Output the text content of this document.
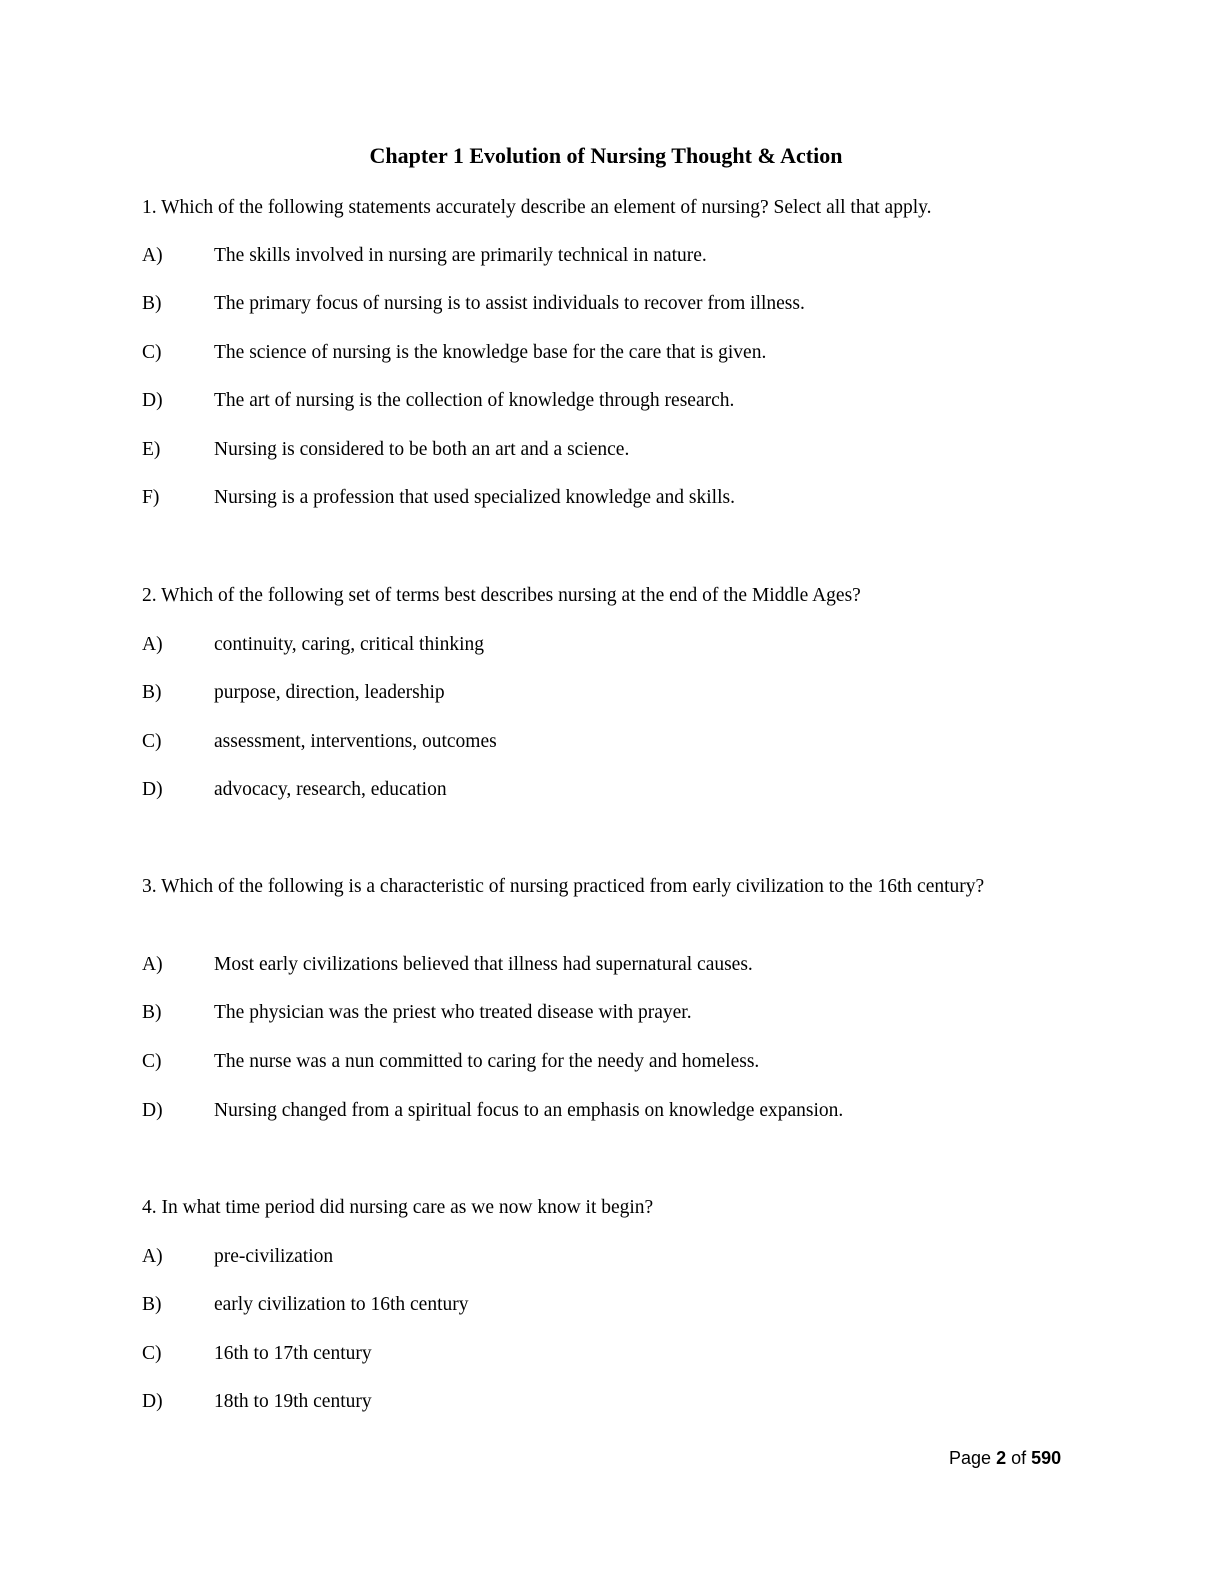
Chapter 1 Evolution of Nursing Thought & Action
1. Which of the following statements accurately describe an element of nursing? Select all that apply.
A)	The skills involved in nursing are primarily technical in nature.
B)	The primary focus of nursing is to assist individuals to recover from illness.
C)	The science of nursing is the knowledge base for the care that is given.
D)	The art of nursing is the collection of knowledge through research.
E)	Nursing is considered to be both an art and a science.
F)	Nursing is a profession that used specialized knowledge and skills.
2. Which of the following set of terms best describes nursing at the end of the Middle Ages?
A)	continuity, caring, critical thinking
B)	purpose, direction, leadership
C)	assessment, interventions, outcomes
D)	advocacy, research, education
3. Which of the following is a characteristic of nursing practiced from early civilization to the 16th century?
A)	Most early civilizations believed that illness had supernatural causes.
B)	The physician was the priest who treated disease with prayer.
C)	The nurse was a nun committed to caring for the needy and homeless.
D)	Nursing changed from a spiritual focus to an emphasis on knowledge expansion.
4. In what time period did nursing care as we now know it begin?
A)	pre-civilization
B)	early civilization to 16th century
C)	16th to 17th century
D)	18th to 19th century
Page 2 of 590
